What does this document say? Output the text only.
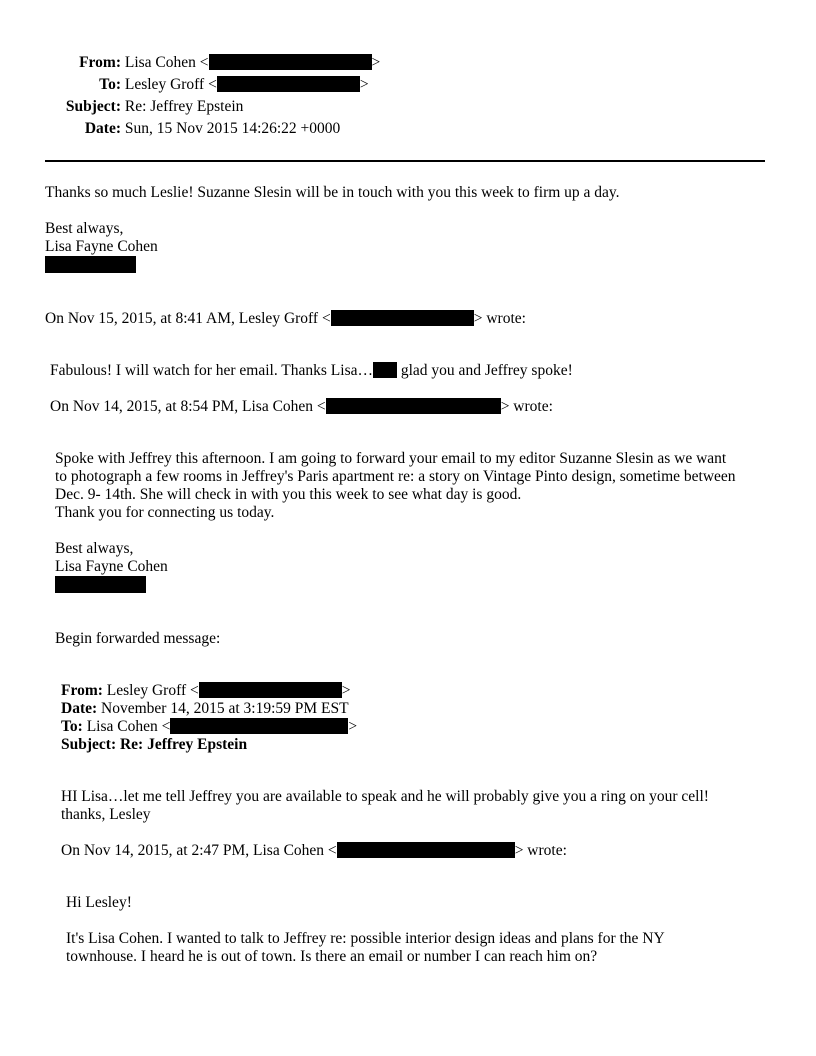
From: Lisa Cohen <	>
To: Lesley Groff <	>
Subject: Re: Jeffrey Epstein
Date: Sun, 15 Nov 2015 14:26:22 +0000
Thanks so much Leslie! Suzanne Slesin will be in touch with you this week to firm up a day.
Best always,
Lisa Fayne Cohen
On Nov 15, 2015, at 8:41 AM, Lesley Groff <	> wrote:
Fabulous! I will watch for her email. Thanks Lisa… glad you and Jeffrey spoke!
On Nov 14, 2015, at 8:54 PM, Lisa Cohen <	> wrote:
Spoke with Jeffrey this afternoon. I am going to forward your email to my editor Suzanne Slesin as we want
to photograph a few rooms in Jeffrey's Paris apartment re: a story on Vintage Pinto design, sometime between
Dec. 9- 14th. She will check in with you this week to see what day is good.
Thank you for connecting us today.
Best always,
Lisa Fayne Cohen
Begin forwarded message:
From: Lesley Groff <	>
Date: November 14, 2015 at 3:19:59 PM EST
To: Lisa Cohen <	>
Subject: Re: Jeffrey Epstein
HI Lisa…let me tell Jeffrey you are available to speak and he will probably give you a ring on your cell!
thanks, Lesley
On Nov 14, 2015, at 2:47 PM, Lisa Cohen <	> wrote:
Hi Lesley!
It's Lisa Cohen. I wanted to talk to Jeffrey re: possible interior design ideas and plans for the NY
townhouse. I heard he is out of town. Is there an email or number I can reach him on?
